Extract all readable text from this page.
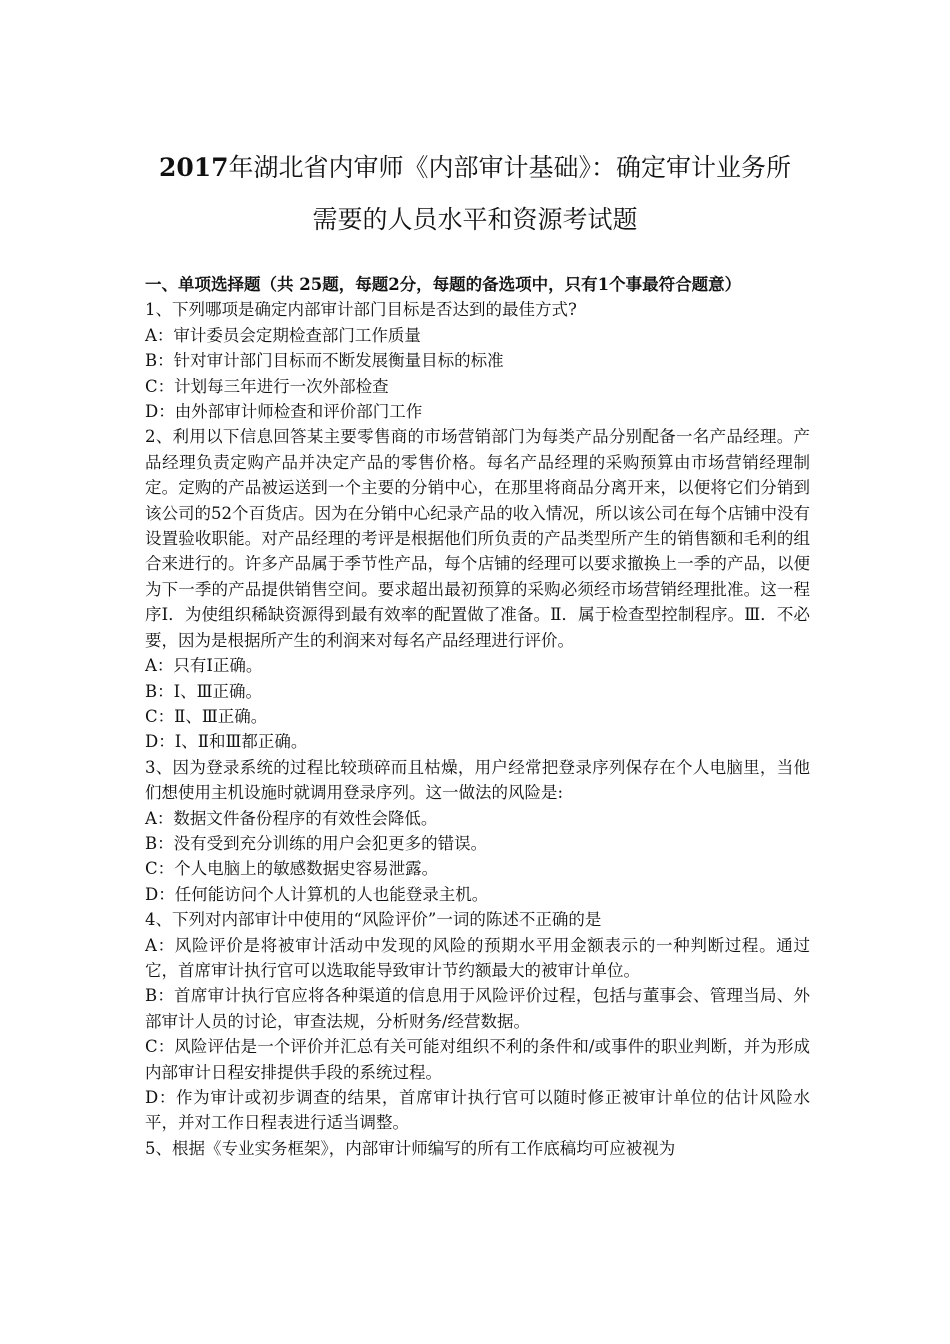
2017年湖北省内审师《内部审计基础》：确定审计业务所
需要的人员水平和资源考试题

一、单项选择题（共 25题，每题2分，每题的备选项中，只有1个事最符合题意）

1、下列哪项是确定内部审计部门目标是否达到的最佳方式?

A：审计委员会定期检查部门工作质量

B：针对审计部门目标而不断发展衡量目标的标准

C：计划每三年进行一次外部检查

D：由外部审计师检查和评价部门工作

2、利用以下信息回答某主要零售商的市场营销部门为每类产品分别配备一名产品经理。产品经理负责定购产品并决定产品的零售价格。每名产品经理的采购预算由市场营销经理制定。定购的产品被运送到一个主要的分销中心，在那里将商品分离开来，以便将它们分销到该公司的52个百货店。因为在分销中心纪录产品的收入情况，所以该公司在每个店铺中没有设置验收职能。对产品经理的考评是根据他们所负责的产品类型所产生的销售额和毛利的组合来进行的。许多产品属于季节性产品，每个店铺的经理可以要求撤换上一季的产品，以便为下一季的产品提供销售空间。要求超出最初预算的采购必须经市场营销经理批准。这一程序Ⅰ．为使组织稀缺资源得到最有效率的配置做了准备。Ⅱ．属于检查型控制程序。Ⅲ．不必要，因为是根据所产生的利润来对每名产品经理进行评价。

A：只有Ⅰ正确。

B：Ⅰ、Ⅲ正确。

C：Ⅱ、Ⅲ正确。

D：Ⅰ、Ⅱ和Ⅲ都正确。

3、因为登录系统的过程比较琐碎而且枯燥，用户经常把登录序列保存在个人电脑里，当他们想使用主机设施时就调用登录序列。这一做法的风险是:

A：数据文件备份程序的有效性会降低。

B：没有受到充分训练的用户会犯更多的错误。

C：个人电脑上的敏感数据史容易泄露。

D：任何能访问个人计算机的人也能登录主机。

4、下列对内部审计中使用的“风险评价”一词的陈述不正确的是

A：风险评价是将被审计活动中发现的风险的预期水平用金额表示的一种判断过程。通过它，首席审计执行官可以选取能导致审计节约额最大的被审计单位。

B：首席审计执行官应将各种渠道的信息用于风险评价过程，包括与董事会、管理当局、外部审计人员的讨论，审查法规，分析财务/经营数据。

C：风险评估是一个评价并汇总有关可能对组织不利的条件和/或事件的职业判断，并为形成内部审计日程安排提供手段的系统过程。

D：作为审计或初步调查的结果，首席审计执行官可以随时修正被审计单位的估计风险水平，并对工作日程表进行适当调整。

5、根据《专业实务框架》，内部审计师编写的所有工作底稿均可应被视为
